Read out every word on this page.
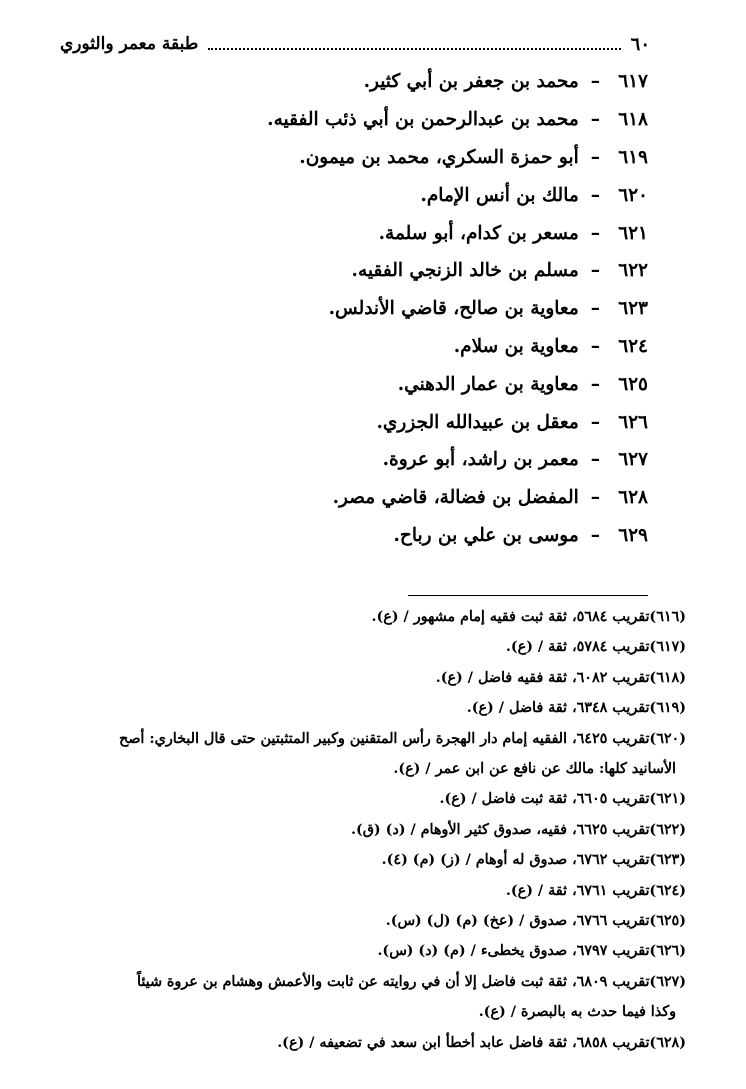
٦٠
طبقة معمر والثوري
٦١٧
–
محمد بن جعفر بن أبي كثير.
٦١٨
–
محمد بن عبدالرحمن بن أبي ذئب الفقيه.
٦١٩
–
أبو حمزة السكري، محمد بن ميمون.
٦٢٠
–
مالك بن أنس الإمام.
٦٢١
–
مسعر بن كدام، أبو سلمة.
٦٢٢
–
مسلم بن خالد الزنجي الفقيه.
٦٢٣
–
معاوية بن صالح، قاضي الأندلس.
٦٢٤
–
معاوية بن سلام.
٦٢٥
–
معاوية بن عمار الدهني.
٦٢٦
–
معقل بن عبيدالله الجزري.
٦٢٧
–
معمر بن راشد، أبو عروة.
٦٢٨
–
المفضل بن فضالة، قاضي مصر.
٦٢٩
–
موسى بن علي بن رباح.
(٦١٦)تقريب ٥٦٨٤، ثقة ثبت فقيه إمام مشهور / (ع).
(٦١٧)تقريب ٥٧٨٤، ثقة / (ع).
(٦١٨)تقريب ٦٠٨٢، ثقة فقيه فاضل / (ع).
(٦١٩)تقريب ٦٣٤٨، ثقة فاضل / (ع).
(٦٢٠)تقريب ٦٤٢٥، الفقيه إمام دار الهجرة رأس المتقنين وكبير المتثبتين حتى قال البخاري: أصح
الأسانيد كلها: مالك عن نافع عن ابن عمر / (ع).
(٦٢١)تقريب ٦٦٠٥، ثقة ثبت فاضل / (ع).
(٦٢٢)تقريب ٦٦٢٥، فقيه، صدوق كثير الأوهام / (د) (ق).
(٦٢٣)تقريب ٦٧٦٢، صدوق له أوهام / (ز) (م) (٤).
(٦٢٤)تقريب ٦٧٦١، ثقة / (ع).
(٦٢٥)تقريب ٦٧٦٦، صدوق / (عخ) (م) (ل) (س).
(٦٢٦)تقريب ٦٧٩٧، صدوق يخطىء / (م) (د) (س).
(٦٢٧)تقريب ٦٨٠٩، ثقة ثبت فاضل إلا أن في روايته عن ثابت والأعمش وهشام بن عروة شيئاً
وكذا فيما حدث به بالبصرة / (ع).
(٦٢٨)تقريب ٦٨٥٨، ثقة فاضل عابد أخطأ ابن سعد في تضعيفه / (ع).
